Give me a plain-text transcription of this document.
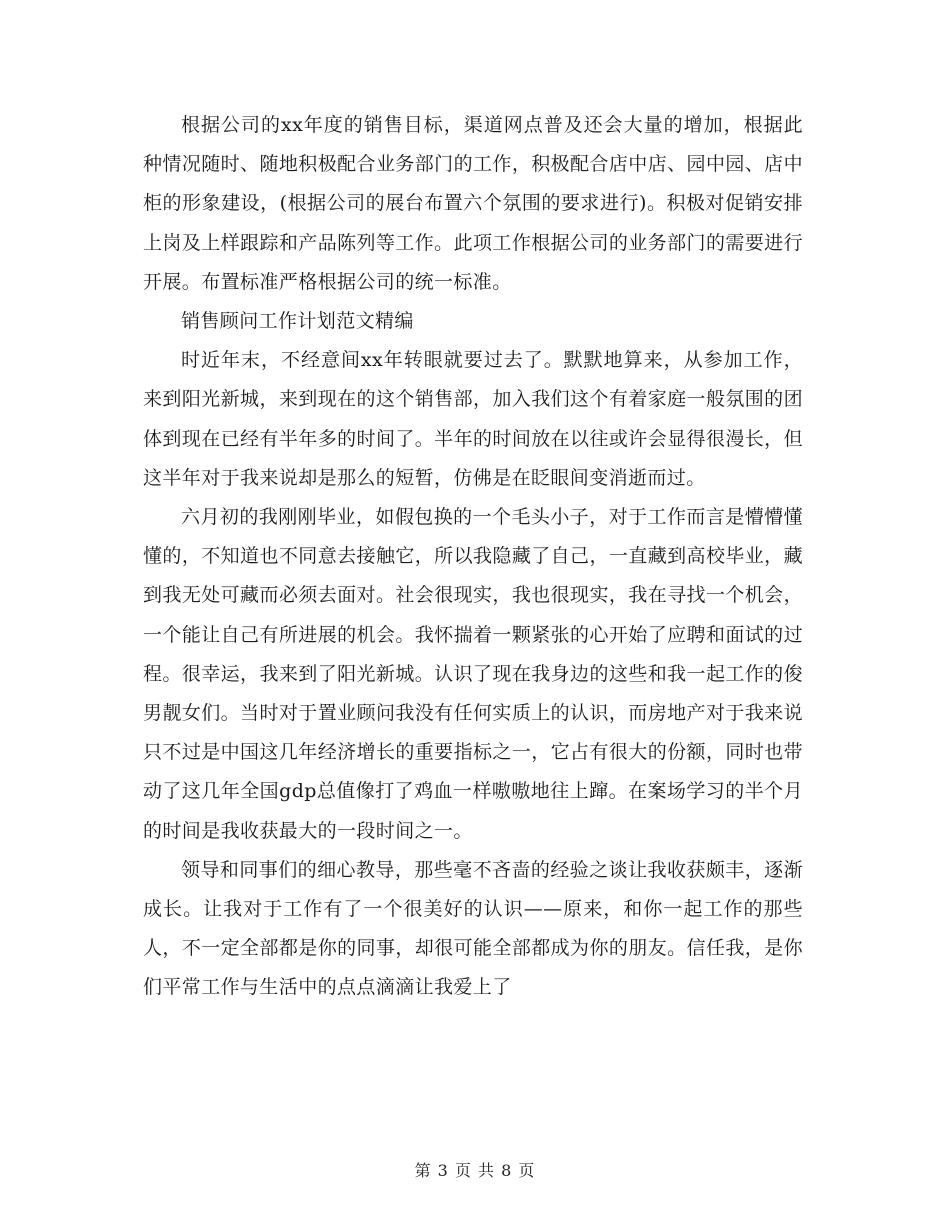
根据公司的xx年度的销售目标，渠道网点普及还会大量的增加，根据此种情况随时、随地积极配合业务部门的工作，积极配合店中店、园中园、店中柜的形象建设，(根据公司的展台布置六个氛围的要求进行)。积极对促销安排上岗及上样跟踪和产品陈列等工作。此项工作根据公司的业务部门的需要进行开展。布置标准严格根据公司的统一标准。

销售顾问工作计划范文精编

时近年末，不经意间xx年转眼就要过去了。默默地算来，从参加工作，来到阳光新城，来到现在的这个销售部，加入我们这个有着家庭一般氛围的团体到现在已经有半年多的时间了。半年的时间放在以往或许会显得很漫长，但这半年对于我来说却是那么的短暂，仿佛是在眨眼间变消逝而过。

六月初的我刚刚毕业，如假包换的一个毛头小子，对于工作而言是懵懵懂懂的，不知道也不同意去接触它，所以我隐藏了自己，一直藏到高校毕业，藏到我无处可藏而必须去面对。社会很现实，我也很现实，我在寻找一个机会，一个能让自己有所进展的机会。我怀揣着一颗紧张的心开始了应聘和面试的过程。很幸运，我来到了阳光新城。认识了现在我身边的这些和我一起工作的俊男靓女们。当时对于置业顾问我没有任何实质上的认识，而房地产对于我来说只不过是中国这几年经济增长的重要指标之一，它占有很大的份额，同时也带动了这几年全国gdp总值像打了鸡血一样嗷嗷地往上蹿。在案场学习的半个月的时间是我收获最大的一段时间之一。

领导和同事们的细心教导，那些毫不吝啬的经验之谈让我收获颇丰，逐渐成长。让我对于工作有了一个很美好的认识——原来，和你一起工作的那些人，不一定全部都是你的同事，却很可能全部都成为你的朋友。信任我，是你们平常工作与生活中的点点滴滴让我爱上了

第 3 页 共 8 页
